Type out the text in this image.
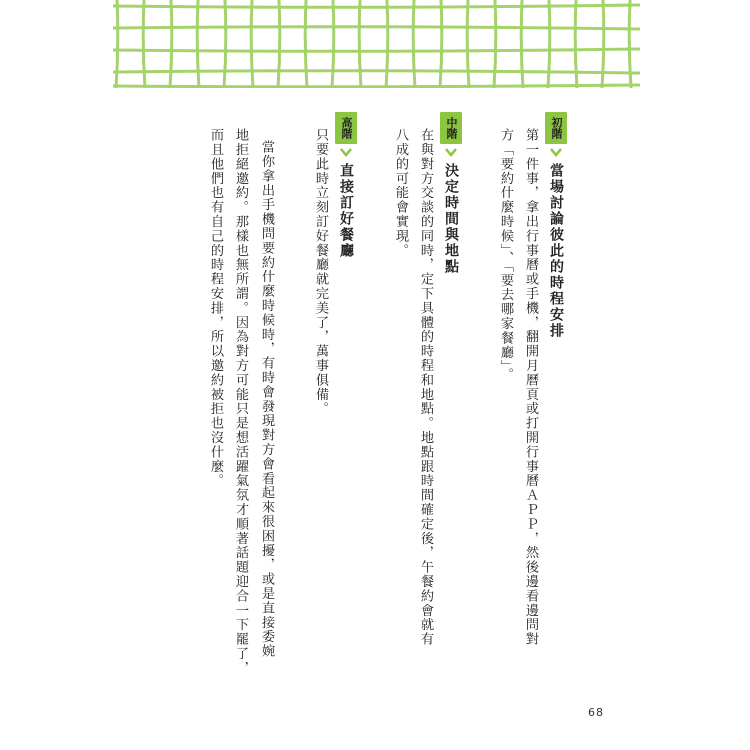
初階
當場討論彼此的時程安排
第一件事，拿出行事曆或手機，翻開月曆頁或打開行事曆ＡＰＰ，然後邊看邊問對
方「要約什麼時候」、「要去哪家餐廳」。
中階
決定時間與地點
在與對方交談的同時，定下具體的時程和地點。地點跟時間確定後，午餐約會就有
八成的可能會實現。
高階
直接訂好餐廳
只要此時立刻訂好餐廳就完美了，萬事俱備。
當你拿出手機問要約什麼時候時，有時會發現對方會看起來很困擾，或是直接委婉
地拒絕邀約。那樣也無所謂。因為對方可能只是想活躍氣氛才順著話題迎合一下罷了，
而且他們也有自己的時程安排，所以邀約被拒也沒什麼。
68
